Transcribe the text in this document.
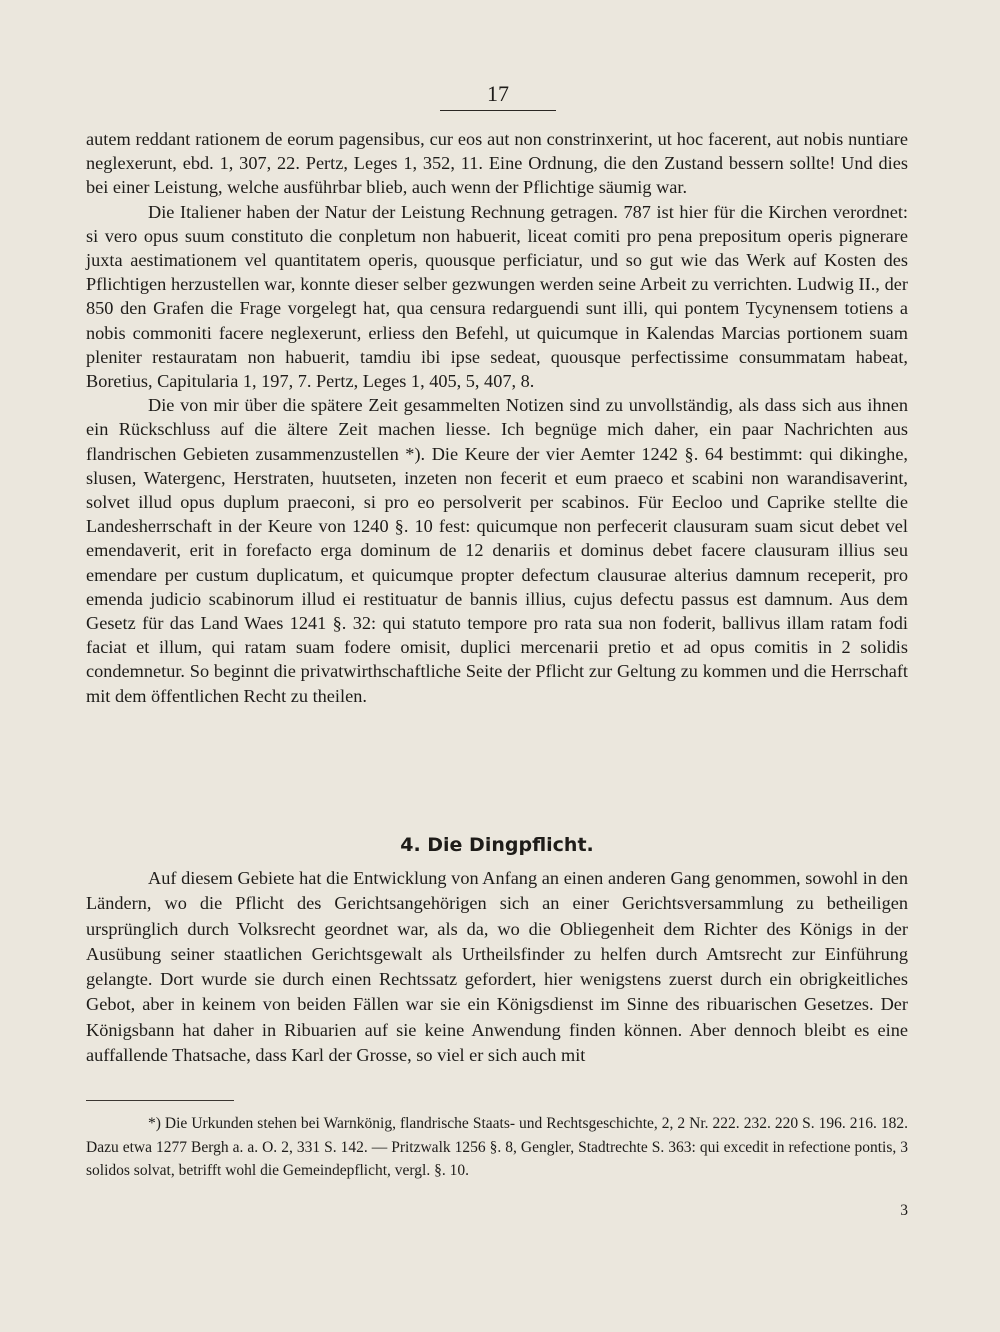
17

autem reddant rationem de eorum pagensibus, cur eos aut non constrinxerint, ut hoc facerent, aut nobis nuntiare neglexerunt, ebd. 1, 307, 22. Pertz, Leges 1, 352, 11. Eine Ordnung, die den Zustand bessern sollte! Und dies bei einer Leistung, welche ausführbar blieb, auch wenn der Pflichtige säumig war.

Die Italiener haben der Natur der Leistung Rechnung getragen. 787 ist hier für die Kirchen verordnet: si vero opus suum constituto die conpletum non habuerit, liceat comiti pro pena prepositum operis pignerare juxta aestimationem vel quantitatem operis, quousque perficiatur, und so gut wie das Werk auf Kosten des Pflichtigen herzustellen war, konnte dieser selber gezwungen werden seine Arbeit zu verrichten. Ludwig II., der 850 den Grafen die Frage vorgelegt hat, qua censura redarguendi sunt illi, qui pontem Tycynensem totiens a nobis commoniti facere neglexerunt, erliess den Befehl, ut quicumque in Kalendas Marcias portionem suam pleniter restauratam non habuerit, tamdiu ibi ipse sedeat, quousque perfectissime consummatam habeat, Boretius, Capitularia 1, 197, 7. Pertz, Leges 1, 405, 5, 407, 8.

Die von mir über die spätere Zeit gesammelten Notizen sind zu unvollständig, als dass sich aus ihnen ein Rückschluss auf die ältere Zeit machen liesse. Ich begnüge mich daher, ein paar Nachrichten aus flandrischen Gebieten zusammenzustellen *). Die Keure der vier Aemter 1242 §. 64 bestimmt: qui dikinghe, slusen, Watergenc, Herstraten, huutseten, inzeten non fecerit et eum praeco et scabini non warandisaverint, solvet illud opus duplum praeconi, si pro eo persolverit per scabinos. Für Eecloo und Caprike stellte die Landesherrschaft in der Keure von 1240 §. 10 fest: quicumque non perfecerit clausuram suam sicut debet vel emendaverit, erit in forefacto erga dominum de 12 denariis et dominus debet facere clausuram illius seu emendare per custum duplicatum, et quicumque propter defectum clausurae alterius damnum receperit, pro emenda judicio scabinorum illud ei restituatur de bannis illius, cujus defectu passus est damnum. Aus dem Gesetz für das Land Waes 1241 §. 32: qui statuto tempore pro rata sua non foderit, ballivus illam ratam fodi faciat et illum, qui ratam suam fodere omisit, duplici mercenarii pretio et ad opus comitis in 2 solidis condemnetur. So beginnt die privatwirthschaftliche Seite der Pflicht zur Geltung zu kommen und die Herrschaft mit dem öffentlichen Recht zu theilen.

4. Die Dingpflicht.

Auf diesem Gebiete hat die Entwicklung von Anfang an einen anderen Gang genommen, sowohl in den Ländern, wo die Pflicht des Gerichtsangehörigen sich an einer Gerichtsversammlung zu betheiligen ursprünglich durch Volksrecht geordnet war, als da, wo die Obliegenheit dem Richter des Königs in der Ausübung seiner staatlichen Gerichtsgewalt als Urtheilsfinder zu helfen durch Amtsrecht zur Einführung gelangte. Dort wurde sie durch einen Rechtssatz gefordert, hier wenigstens zuerst durch ein obrigkeitliches Gebot, aber in keinem von beiden Fällen war sie ein Königsdienst im Sinne des ribuarischen Gesetzes. Der Königsbann hat daher in Ribuarien auf sie keine Anwendung finden können. Aber dennoch bleibt es eine auffallende Thatsache, dass Karl der Grosse, so viel er sich auch mit

*) Die Urkunden stehen bei Warnkönig, flandrische Staats- und Rechtsgeschichte, 2, 2 Nr. 222. 232. 220 S. 196. 216. 182. Dazu etwa 1277 Bergh a. a. O. 2, 331 S. 142. — Pritzwalk 1256 §. 8, Gengler, Stadtrechte S. 363: qui excedit in refectione pontis, 3 solidos solvat, betrifft wohl die Gemeindepflicht, vergl. §. 10.
3
